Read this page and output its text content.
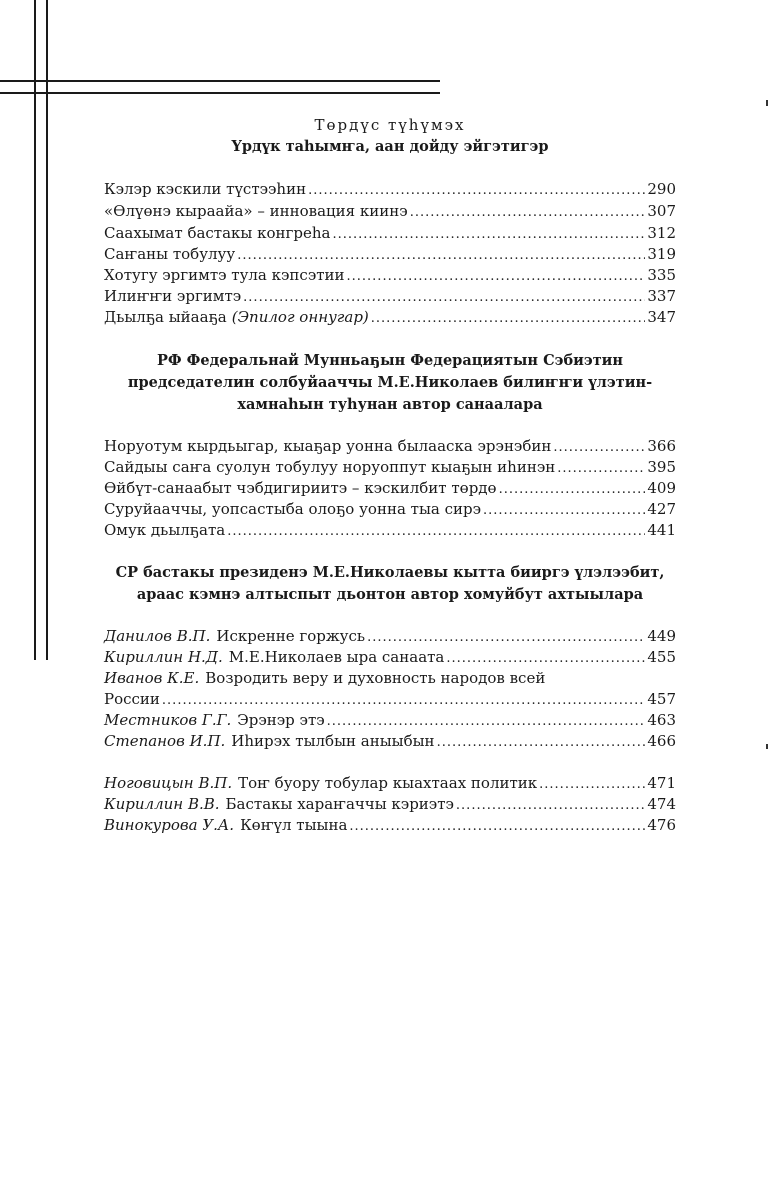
Төрдүс түһүмэх
Үрдүк таһымҥа, аан дойду эйгэтигэр
Кэлэр кэскили түстээһин .....	290
«Өлүөнэ кыраайа» – инновация киинэ .....	307
Саахымат бастакы конгреһа .....	312
Саҥаны тобулуу .....	319
Хотугу эргимтэ тула кэпсэтии .....	335
Илиҥҥи эргимтэ .....	337
Дьылҕа ыйааҕа (Эпилог оннугар) .....	347
РФ Федеральнай Мунньаҕын Федерациятын Сэбиэтин
председателин солбуйааччы М.Е.Николаев билиҥҥи үлэтин-
хамнаһын туһунан автор санаалара
Норуотум кырдьыгар, кыаҕар уонна былааска эрэнэбин .....	366
Сайдыы саҥа суолун тобулуу норуоппут кыаҕын иһинэн .....	395
Өйбүт-санаабыт чэбдигириитэ – кэскилбит төрдө .....	409
Суруйааччы, уопсастыба олоҕо уонна тыа сирэ .....	427
Омук дьылҕата .....	441
СР бастакы президенэ М.Е.Николаевы кытта бииргэ үлэлээбит,
араас кэмнэ алтыспыт дьонтон автор хомуйбут ахтыылара
Данилов В.П. Искренне горжусь .....	449
Кириллин Н.Д. М.Е.Николаев ыра санаата .....	455
Иванов К.Е. Возродить веру и духовность народов всей
России .....	457
Местников Г.Г. Эрэнэр этэ .....	463
Степанов И.П. Иһирэх тылбын аныыбын .....	466
Ноговицын В.П. Тоҥ буору тобулар кыахтаах политик .....	471
Кириллин В.В. Бастакы хараҥаччы кэриэтэ .....	474
Винокурова У.А. Көҥүл тыына .....	476
